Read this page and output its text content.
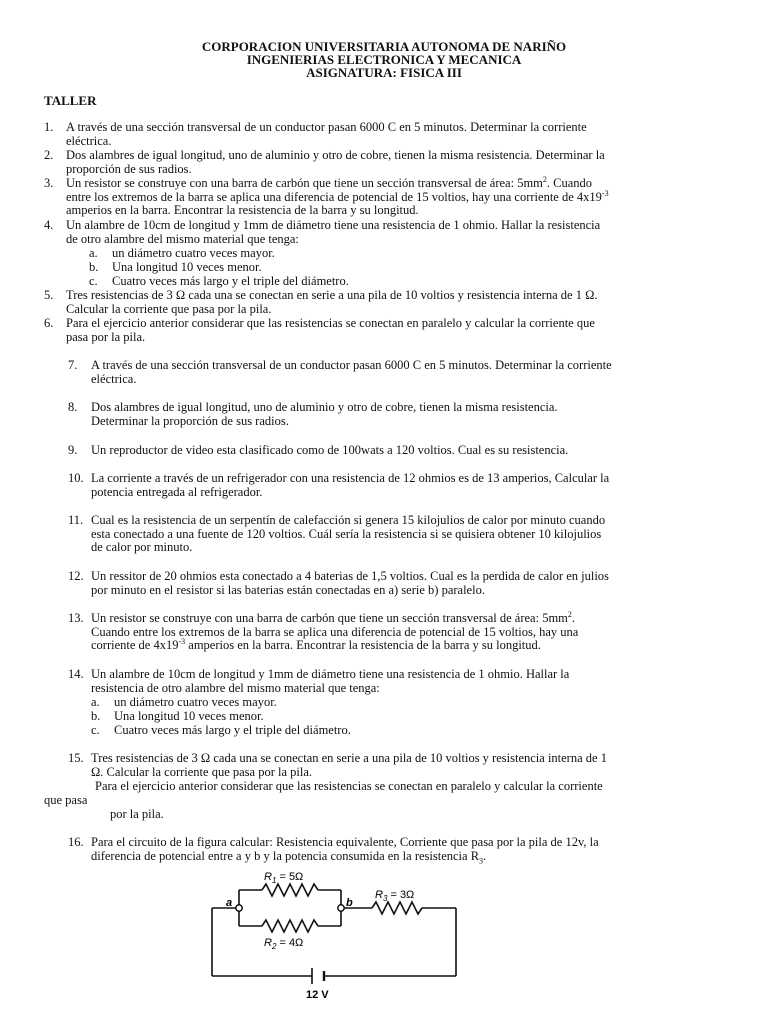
CORPORACION UNIVERSITARIA AUTONOMA DE NARIÑO
INGENIERIAS ELECTRONICA Y MECANICA
ASIGNATURA: FISICA III
TALLER
1. A través de una sección transversal de un conductor pasan 6000 C en 5 minutos. Determinar la corriente
eléctrica.
2. Dos alambres de igual longitud, uno de aluminio y otro de cobre, tienen la misma resistencia. Determinar la
proporción de sus radios.
3. Un resistor se construye con una barra de carbón que tiene un sección transversal de área: $5mm^2$. Cuando
entre los extremos de la barra se aplica una diferencia de potencial de 15 voltios, hay una corriente de $4x19^{-3}$
amperios en la barra. Encontrar la resistencia de la barra y su longitud.
4. Un alambre de 10cm de longitud y 1mm de diámetro tiene una resistencia de 1 ohmio. Hallar la resistencia
de otro alambre del mismo material que tenga:
a. un diámetro cuatro veces mayor.
b. Una longitud 10 veces menor.
c. Cuatro veces más largo y el triple del diámetro.
5. Tres resistencias de 3 Ω cada una se conectan en serie a una pila de 10 voltios y resistencia interna de 1 Ω.
Calcular la corriente que pasa por la pila.
6. Para el ejercicio anterior considerar que las resistencias se conectan en paralelo y calcular la corriente que
pasa por la pila.
7. A través de una sección transversal de un conductor pasan 6000 C en 5 minutos. Determinar la corriente
eléctrica.
8. Dos alambres de igual longitud, uno de aluminio y otro de cobre, tienen la misma resistencia.
Determinar la proporción de sus radios.
9. Un reproductor de video esta clasificado como de 100wats a 120 voltios. Cual es su resistencia.
10. La corriente a través de un refrigerador con una resistencia de 12 ohmios es de 13 amperios, Calcular la
potencia entregada al refrigerador.
11. Cual es la resistencia de un serpentín de calefacción si genera 15 kilojulios de calor por minuto cuando
esta conectado a una fuente de 120 voltios. Cuál sería la resistencia si se quisiera obtener 10 kilojulios
de calor por minuto.
12. Un ressitor de 20 ohmios esta conectado a 4 baterias de 1,5 voltios. Cual es la perdida de calor en julios
por minuto en el resistor si las baterias están conectadas en a) serie b) paralelo.
13. Un resistor se construye con una barra de carbón que tiene un sección transversal de área: $5mm^2$.
Cuando entre los extremos de la barra se aplica una diferencia de potencial de 15 voltios, hay una
corriente de $4x19^{-3}$ amperios en la barra. Encontrar la resistencia de la barra y su longitud.
14. Un alambre de 10cm de longitud y 1mm de diámetro tiene una resistencia de 1 ohmio. Hallar la
resistencia de otro alambre del mismo material que tenga:
a. un diámetro cuatro veces mayor.
b. Una longitud 10 veces menor.
c. Cuatro veces más largo y el triple del diámetro.
15. Tres resistencias de 3 Ω cada una se conectan en serie a una pila de 10 voltios y resistencia interna de 1
Ω. Calcular la corriente que pasa por la pila.
Para el ejercicio anterior considerar que las resistencias se conectan en paralelo y calcular la corriente
que pasa
por la pila.
16. Para el circuito de la figura calcular: Resistencia equivalente, Corriente que pasa por la pila de 12v, la
diferencia de potencial entre a y b y la potencia consumida en la resistencia $R_3$.
$R_1 = 5\Omega$
$R_2 = 4\Omega$
$R_3 = 3\Omega$
a	b
12 V
